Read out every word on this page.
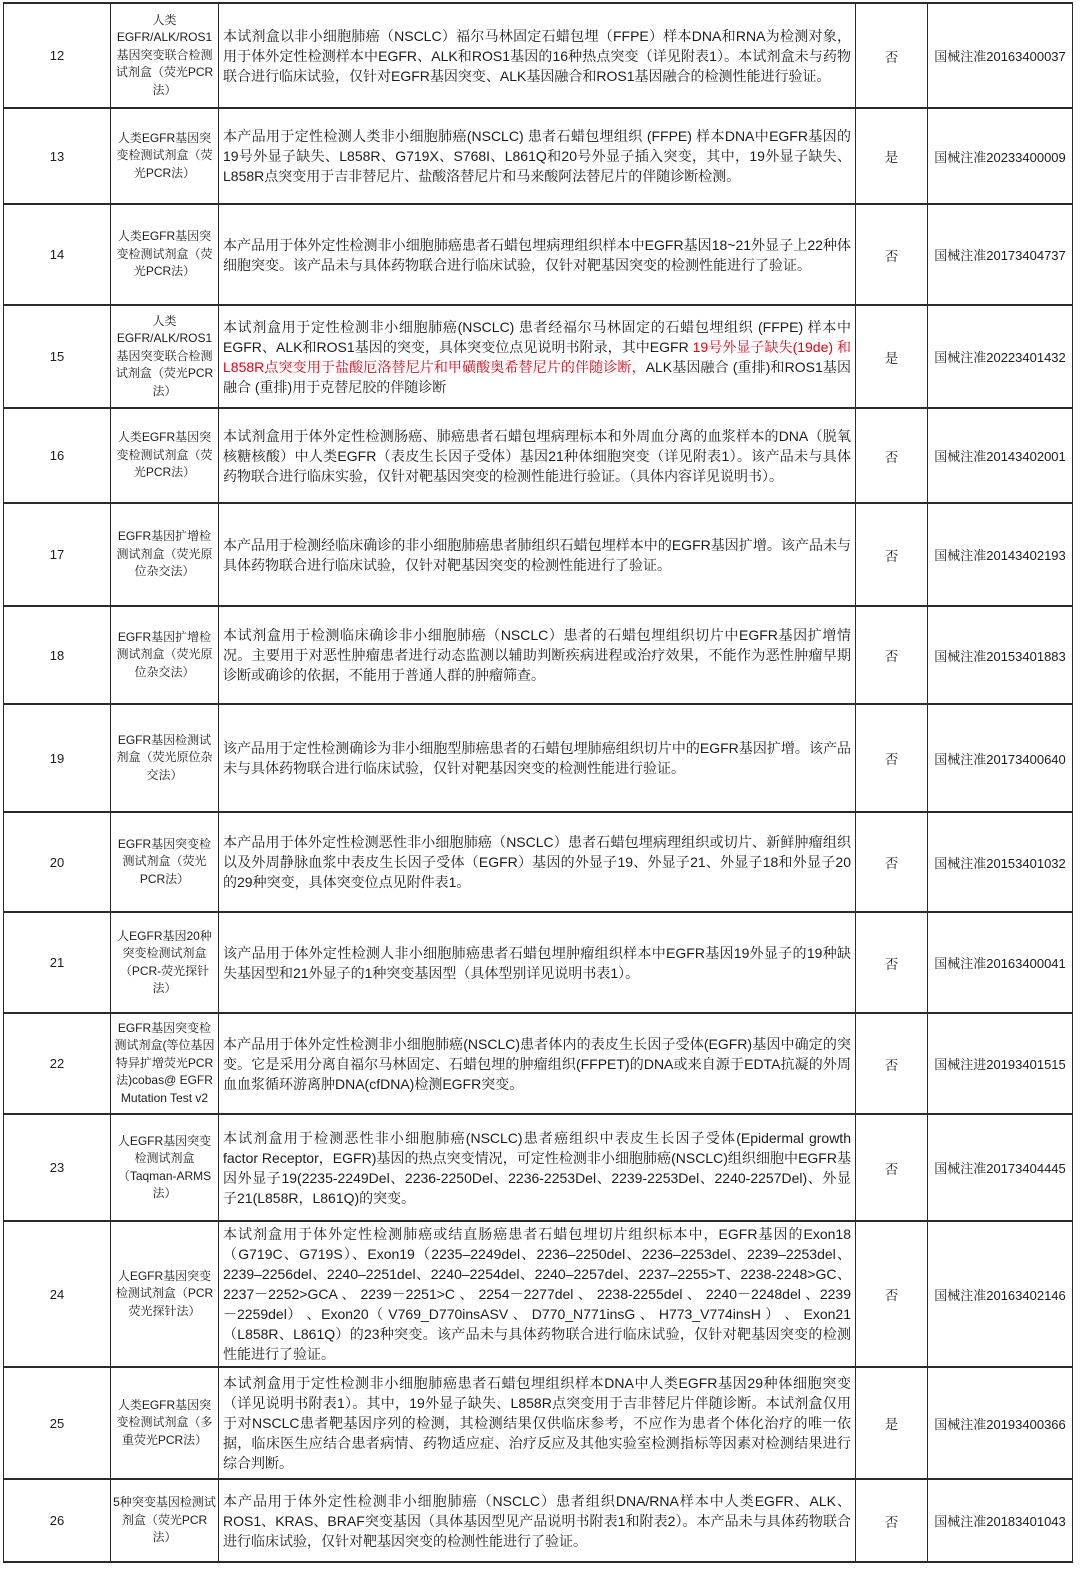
12	人类EGFR/ALK/ROS1基因突变联合检测试剂盒（荧光PCR法）	本试剂盒以非小细胞肺癌（NSCLC）福尔马林固定石蜡包埋（FFPE）样本DNA和RNA为检测对象，用于体外定性检测样本中EGFR、ALK和ROS1基因的16种热点突变（详见附表1）。本试剂盒未与药物联合进行临床试验，仅针对EGFR基因突变、ALK基因融合和ROS1基因融合的检测性能进行验证。	否	国械注准20163400037
13	人类EGFR基因突变检测试剂盒（荧光PCR法）	本产品用于定性检测人类非小细胞肺癌(NSCLC) 患者石蜡包埋组织 (FFPE) 样本DNA中EGFR基因的19号外显子缺失、L858R、G719X、S768I、L861Q和20号外显子插入突变，其中，19外显子缺失、L858R点突变用于吉非替尼片、盐酸洛替尼片和马来酸阿法替尼片的伴随诊断检测。	是	国械注准20233400009
14	人类EGFR基因突变检测试剂盒（荧光PCR法）	本产品用于体外定性检测非小细胞肺癌患者石蜡包埋病理组织样本中EGFR基因18~21外显子上22种体细胞突变。该产品未与具体药物联合进行临床试验，仅针对靶基因突变的检测性能进行了验证。	否	国械注准20173404737
15	人类EGFR/ALK/ROS1基因突变联合检测试剂盒（荧光PCR法）	本试剂盒用于定性检测非小细胞肺癌(NSCLC) 患者经福尔马林固定的石蜡包埋组织 (FFPE) 样本中EGFR、ALK和ROS1基因的突变，具体突变位点见说明书附录，其中EGFR 19号外显子缺失(19de) 和L858R点突变用于盐酸厄洛替尼片和甲磺酸奥希替尼片的伴随诊断，ALK基因融合 (重排)和ROS1基因融合 (重排)用于克替尼胶的伴随诊断	是	国械注准20223401432
16	人类EGFR基因突变检测试剂盒（荧光PCR法）	本试剂盒用于体外定性检测肠癌、肺癌患者石蜡包埋病理标本和外周血分离的血浆样本的DNA（脱氧核糖核酸）中人类EGFR（表皮生长因子受体）基因21种体细胞突变（详见附表1）。该产品未与具体药物联合进行临床实验，仅针对靶基因突变的检测性能进行验证。（具体内容详见说明书）。	否	国械注准20143402001
17	EGFR基因扩增检测试剂盒（荧光原位杂交法）	本产品用于检测经临床确诊的非小细胞肺癌患者肺组织石蜡包埋样本中的EGFR基因扩增。该产品未与具体药物联合进行临床试验，仅针对靶基因突变的检测性能进行了验证。	否	国械注准20143402193
18	EGFR基因扩增检测试剂盒（荧光原位杂交法）	本试剂盒用于检测临床确诊非小细胞肺癌（NSCLC）患者的石蜡包埋组织切片中EGFR基因扩增情况。主要用于对恶性肿瘤患者进行动态监测以辅助判断疾病进程或治疗效果，不能作为恶性肿瘤早期诊断或确诊的依据，不能用于普通人群的肿瘤筛查。	否	国械注准20153401883
19	EGFR基因检测试剂盒（荧光原位杂交法）	该产品用于定性检测确诊为非小细胞型肺癌患者的石蜡包埋肺癌组织切片中的EGFR基因扩增。该产品未与具体药物联合进行临床试验，仅针对靶基因突变的检测性能进行验证。	否	国械注准20173400640
20	EGFR基因突变检测试剂盒（荧光PCR法）	本产品用于体外定性检测恶性非小细胞肺癌（NSCLC）患者石蜡包埋病理组织或切片、新鲜肿瘤组织以及外周静脉血浆中表皮生长因子受体（EGFR）基因的外显子19、外显子21、外显子18和外显子20的29种突变，具体突变位点见附件表1。	否	国械注准20153401032
21	人EGFR基因20种突变检测试剂盒（PCR-荧光探针法）	该产品用于体外定性检测人非小细胞肺癌患者石蜡包埋肿瘤组织样本中EGFR基因19外显子的19种缺失基因型和21外显子的1种突变基因型（具体型别详见说明书表1）。	否	国械注准20163400041
22	EGFR基因突变检测试剂盒(等位基因特异扩增荧光PCR法)cobas@ EGFR Mutation Test v2	本产品用于体外定性检测非小细胞肺癌(NSCLC)患者体内的表皮生长因子受体(EGFR)基因中确定的突变。它是采用分离自福尔马林固定、石蜡包埋的肿瘤组织(FFPET)的DNA或来自源于EDTA抗凝的外周血血浆循环游离肿DNA(cfDNA)检测EGFR突变。	否	国械注进20193401515
23	人EGFR基因突变检测试剂盒（Taqman-ARMS法）	本试剂盒用于检测恶性非小细胞肺癌(NSCLC)患者癌组织中表皮生长因子受体(Epidermal growth factor Receptor，EGFR)基因的热点突变情况，可定性检测非小细胞肺癌(NSCLC)组织细胞中EGFR基因外显子19(2235-2249Del、2236-2250Del、2236-2253Del、2239-2253Del、2240-2257Del)、外显子21(L858R，L861Q)的突变。	否	国械注准20173404445
24	人EGFR基因突变检测试剂盒（PCR荧光探针法）	本试剂盒用于体外定性检测肺癌或结直肠癌患者石蜡包埋切片组织标本中，EGFR基因的Exon18（G719C、G719S）、Exon19（2235–2249del、2236–2250del、2236–2253del、2239–2253del、2239–2256del、2240–2251del、2240–2254del、2240–2257del、2237–2255>T、2238-2248>GC、2237－2252>GCA 、 2239－2251>C 、 2254－2277del 、 2238-2255del 、 2240－2248del 、2239－2259del） 、Exon20（ V769_D770insASV 、 D770_N771insG 、 H773_V774insH ） 、 Exon21（L858R、L861Q）的23种突变。该产品未与具体药物联合进行临床试验，仅针对靶基因突变的检测性能进行了验证。	否	国械注准20163402146
25	人类EGFR基因突变检测试剂盒（多重荧光PCR法）	本试剂盒用于定性检测非小细胞肺癌患者石蜡包埋组织样本DNA中人类EGFR基因29种体细胞突变（详见说明书附表1）。其中，19外显子缺失、L858R点突变用于吉非替尼片伴随诊断。本试剂盒仅用于对NSCLC患者靶基因序列的检测，其检测结果仅供临床参考，不应作为患者个体化治疗的唯一依据，临床医生应结合患者病情、药物适应症、治疗反应及其他实验室检测指标等因素对检测结果进行综合判断。	是	国械注准20193400366
26	5种突变基因检测试剂盒（荧光PCR法）	本产品用于体外定性检测非小细胞肺癌（NSCLC）患者组织DNA/RNA样本中人类EGFR、ALK、ROS1、KRAS、BRAF突变基因（具体基因型见产品说明书附表1和附表2）。本产品未与具体药物联合进行临床试验，仅针对靶基因突变的检测性能进行了验证。	否	国械注准20183401043
